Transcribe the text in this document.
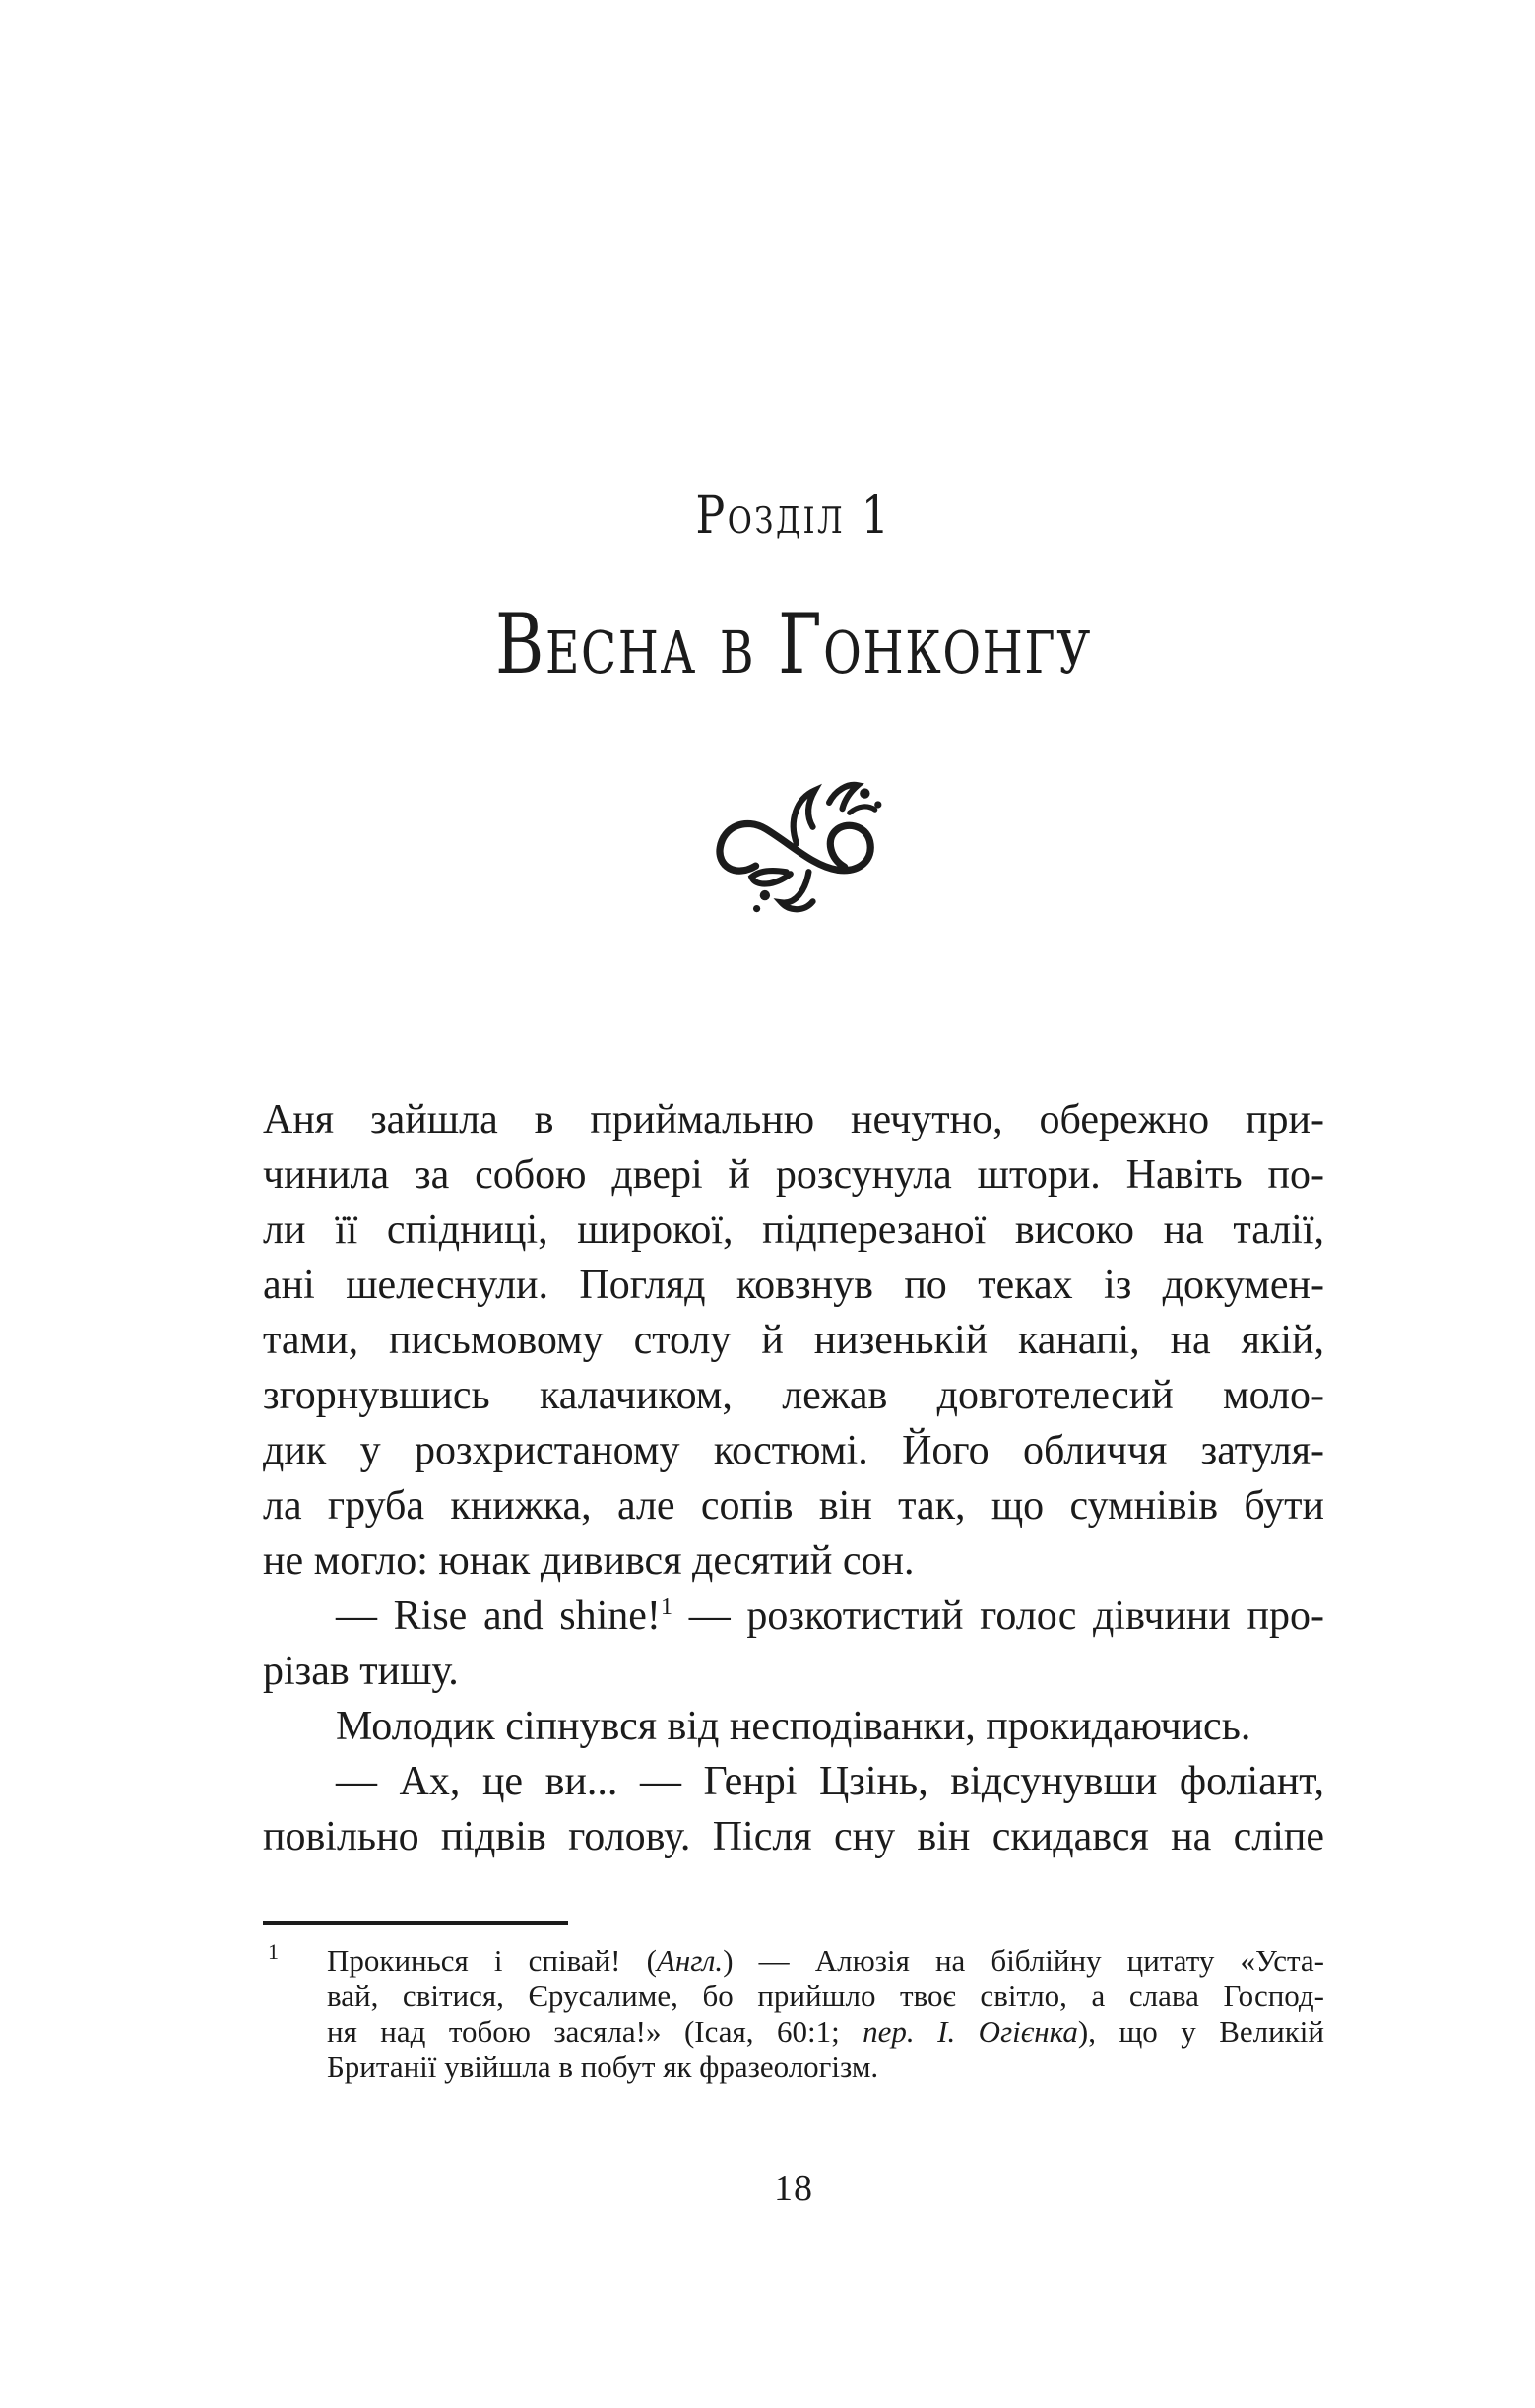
Розділ 1
Весна в Гонконгу
Аня зайшла в приймальню нечутно, обережно при-
чинила за собою двері й розсунула штори. Навіть по-
ли її спідниці, широкої, підперезаної високо на талії,
ані шелеснули. Погляд ковзнув по теках із докумен-
тами, письмовому столу й низенькій канапі, на якій,
згорнувшись калачиком, лежав довготелесий моло-
дик у розхристаному костюмі. Його обличчя затуля-
ла груба книжка, але сопів він так, що сумнівів бути
не могло: юнак дивився десятий сон.
— Rise and shine!$^1$ — розкотистий голос дівчини про-
різав тишу.
Молодик сіпнувся від несподіванки, прокидаючись.
— Ах, це ви... — Генрі Цзінь, відсунувши фоліант,
повільно підвів голову. Після сну він скидався на сліпе
1 Прокинься і співай! (Англ.) — Алюзія на біблійну цитату «Уста-
вай, світися, Єрусалиме, бо прийшло твоє світло, а слава Господ-
ня над тобою засяла!» (Ісая, 60:1; пер. І. Огієнка), що у Великій
Британії увійшла в побут як фразеологізм.
18
